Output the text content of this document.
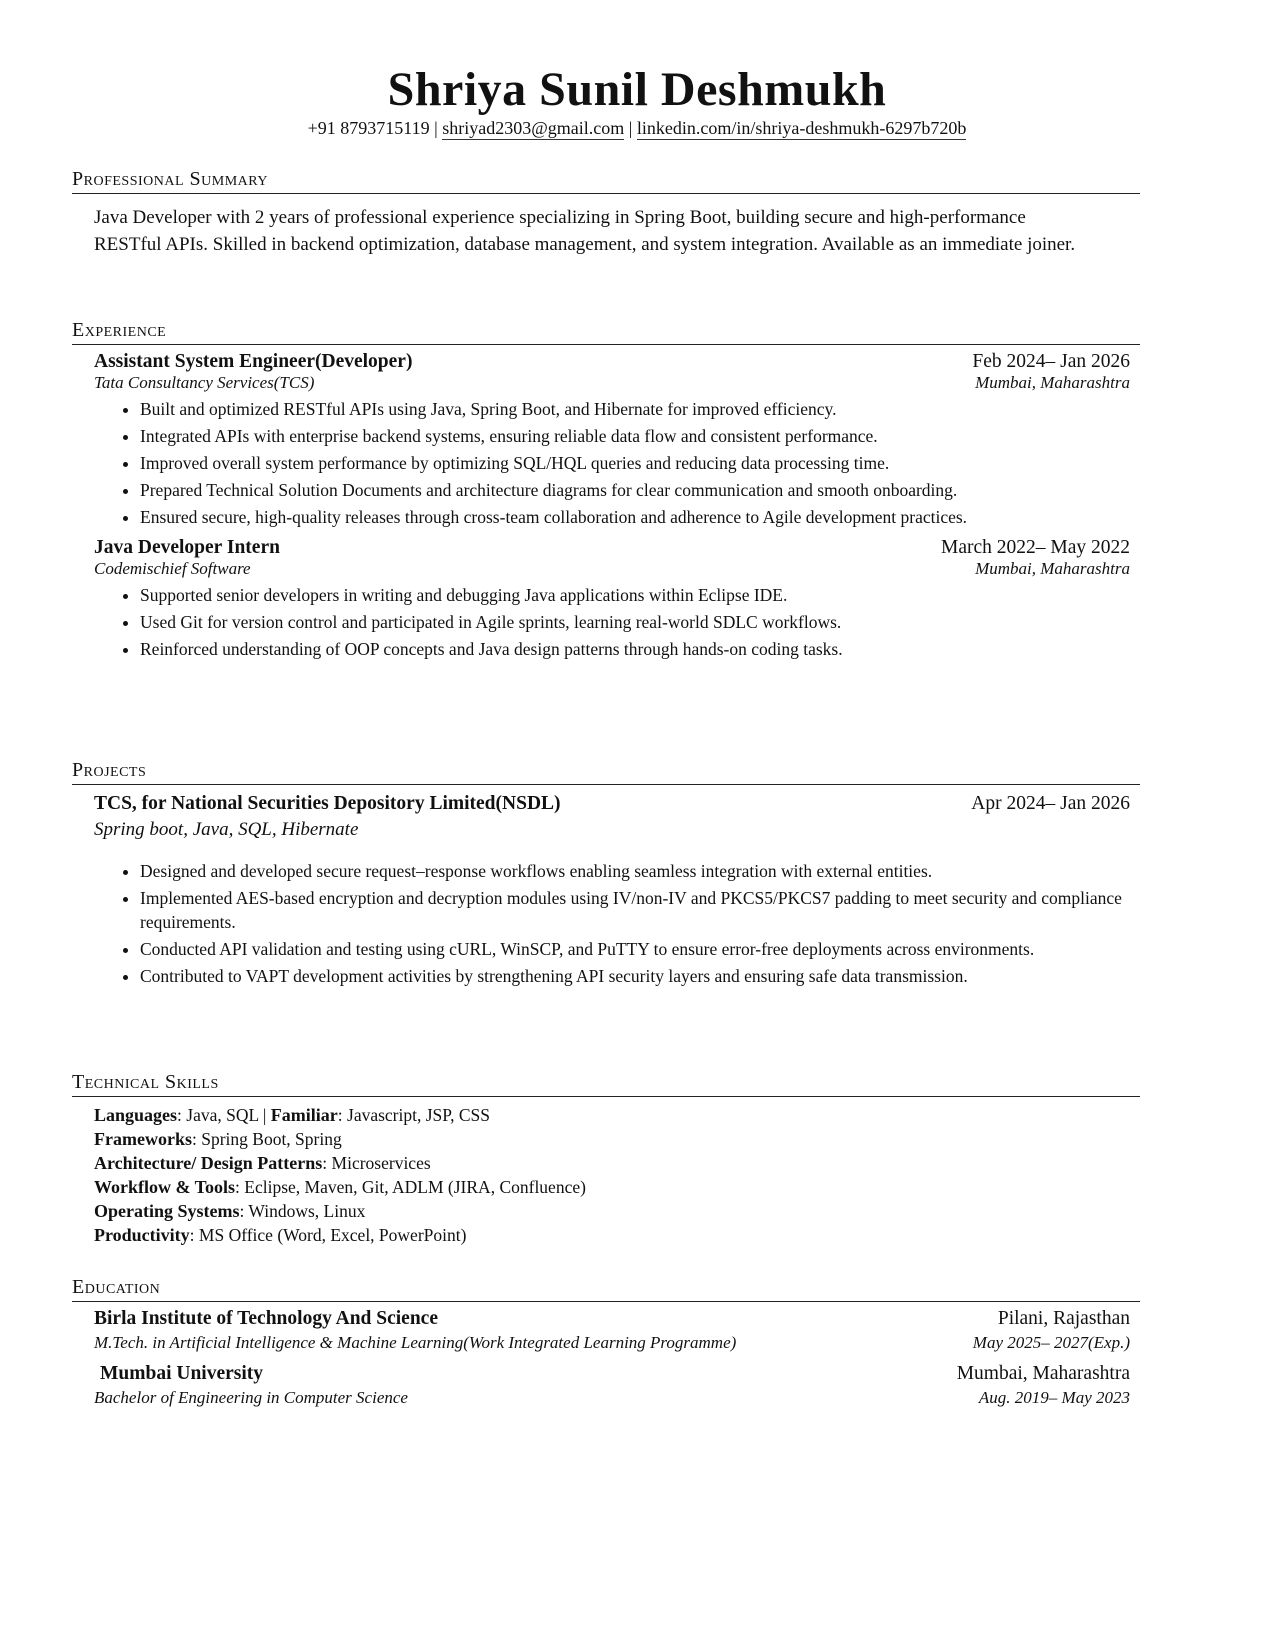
Shriya Sunil Deshmukh
+91 8793715119 | shriyad2303@gmail.com | linkedin.com/in/shriya-deshmukh-6297b720b
Professional Summary
Java Developer with 2 years of professional experience specializing in Spring Boot, building secure and high-performance RESTful APIs. Skilled in backend optimization, database management, and system integration. Available as an immediate joiner.
Experience
Assistant System Engineer(Developer)	Feb 2024– Jan 2026
Tata Consultancy Services(TCS)	Mumbai, Maharashtra
• Built and optimized RESTful APIs using Java, Spring Boot, and Hibernate for improved efficiency.
• Integrated APIs with enterprise backend systems, ensuring reliable data flow and consistent performance.
• Improved overall system performance by optimizing SQL/HQL queries and reducing data processing time.
• Prepared Technical Solution Documents and architecture diagrams for clear communication and smooth onboarding.
• Ensured secure, high-quality releases through cross-team collaboration and adherence to Agile development practices.
Java Developer Intern	March 2022– May 2022
Codemischief Software	Mumbai, Maharashtra
• Supported senior developers in writing and debugging Java applications within Eclipse IDE.
• Used Git for version control and participated in Agile sprints, learning real-world SDLC workflows.
• Reinforced understanding of OOP concepts and Java design patterns through hands-on coding tasks.
Projects
TCS, for National Securities Depository Limited(NSDL)	Apr 2024– Jan 2026
Spring boot, Java, SQL, Hibernate
• Designed and developed secure request–response workflows enabling seamless integration with external entities.
• Implemented AES-based encryption and decryption modules using IV/non-IV and PKCS5/PKCS7 padding to meet security and compliance requirements.
• Conducted API validation and testing using cURL, WinSCP, and PuTTY to ensure error-free deployments across environments.
• Contributed to VAPT development activities by strengthening API security layers and ensuring safe data transmission.
Technical Skills
Languages: Java, SQL | Familiar: Javascript, JSP, CSS
Frameworks: Spring Boot, Spring
Architecture/ Design Patterns: Microservices
Workflow & Tools: Eclipse, Maven, Git, ADLM (JIRA, Confluence)
Operating Systems: Windows, Linux
Productivity: MS Office (Word, Excel, PowerPoint)
Education
Birla Institute of Technology And Science	Pilani, Rajasthan
M.Tech. in Artificial Intelligence & Machine Learning(Work Integrated Learning Programme)	May 2025– 2027(Exp.)
Mumbai University	Mumbai, Maharashtra
Bachelor of Engineering in Computer Science	Aug. 2019– May 2023
